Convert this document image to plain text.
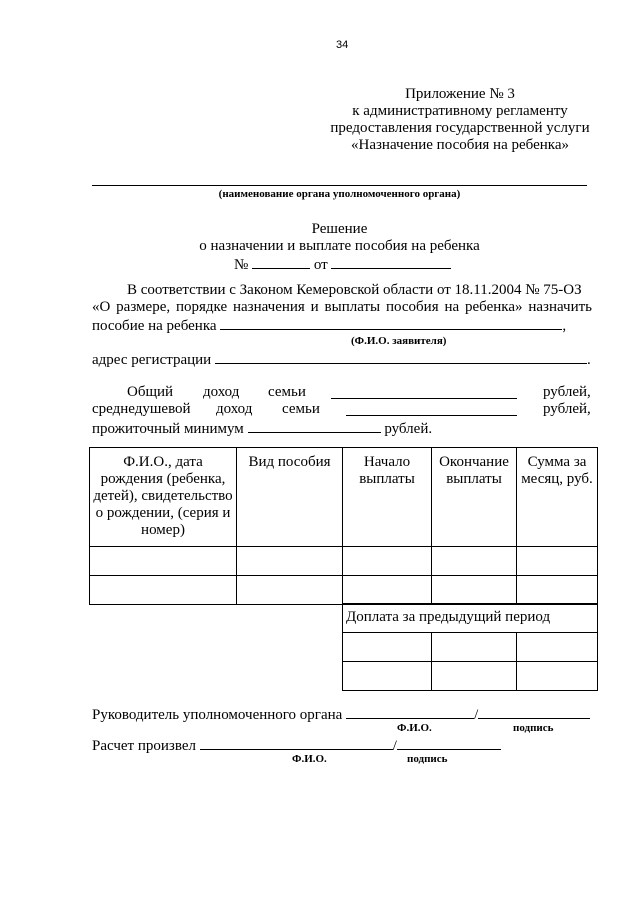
34
Приложение № 3
к административному регламенту
предоставления государственной услуги
«Назначение пособия на ребенка»
(наименование органа уполномоченного органа)
Решение
о назначении и выплате пособия на ребенка
№	от
В соответствии с Законом Кемеровской области от 18.11.2004 № 75-ОЗ
«О размере, порядке назначения и выплаты пособия на ребенка» назначить
пособие на ребенка	,
(Ф.И.О. заявителя)
адрес регистрации	.
Общий доход семьи	рублей,
среднедушевой доход семьи	рублей,
прожиточный минимум	рублей.
Ф.И.О., дата рождения (ребенка, детей), свидетельство о рождении, (серия и номер)	Вид пособия	Начало выплаты	Окончание выплаты	Сумма за месяц, руб.

Доплата за предыдущий период

Руководитель уполномоченного органа	/
Ф.И.О.	подпись
Расчет произвел	/
Ф.И.О.	подпись
